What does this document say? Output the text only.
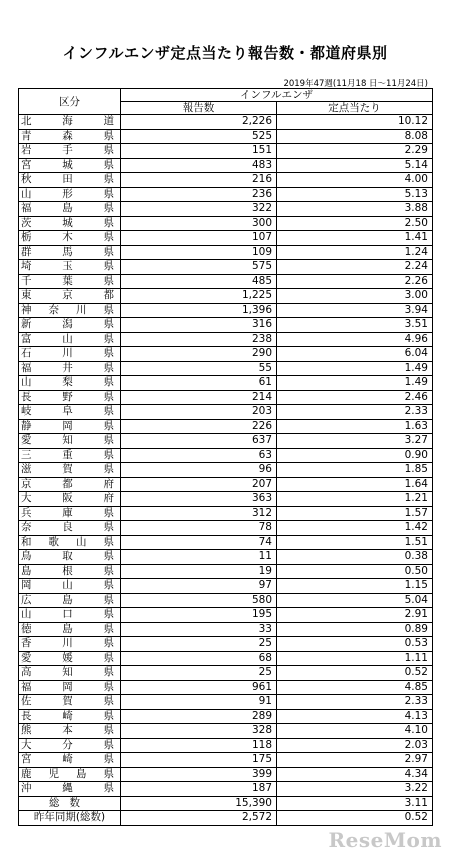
インフルエンザ定点当たり報告数・都道府県別
2019年47週(11月18 日～11月24日)
区分	インフルエンザ	
	報告数	定点当たり
北海道	2,226	10.12
青森県	525	8.08
岩手県	151	2.29
宮城県	483	5.14
秋田県	216	4.00
山形県	236	5.13
福島県	322	3.88
茨城県	300	2.50
栃木県	107	1.41
群馬県	109	1.24
埼玉県	575	2.24
千葉県	485	2.26
東京都	1,225	3.00
神奈川県	1,396	3.94
新潟県	316	3.51
富山県	238	4.96
石川県	290	6.04
福井県	55	1.49
山梨県	61	1.49
長野県	214	2.46
岐阜県	203	2.33
静岡県	226	1.63
愛知県	637	3.27
三重県	63	0.90
滋賀県	96	1.85
京都府	207	1.64
大阪府	363	1.21
兵庫県	312	1.57
奈良県	78	1.42
和歌山県	74	1.51
鳥取県	11	0.38
島根県	19	0.50
岡山県	97	1.15
広島県	580	5.04
山口県	195	2.91
徳島県	33	0.89
香川県	25	0.53
愛媛県	68	1.11
高知県	25	0.52
福岡県	961	4.85
佐賀県	91	2.33
長崎県	289	4.13
熊本県	328	4.10
大分県	118	2.03
宮崎県	175	2.97
鹿児島県	399	4.34
沖縄県	187	3.22
総数	15,390	3.11
昨年同期(総数)	2,572	0.52
ReseMom
